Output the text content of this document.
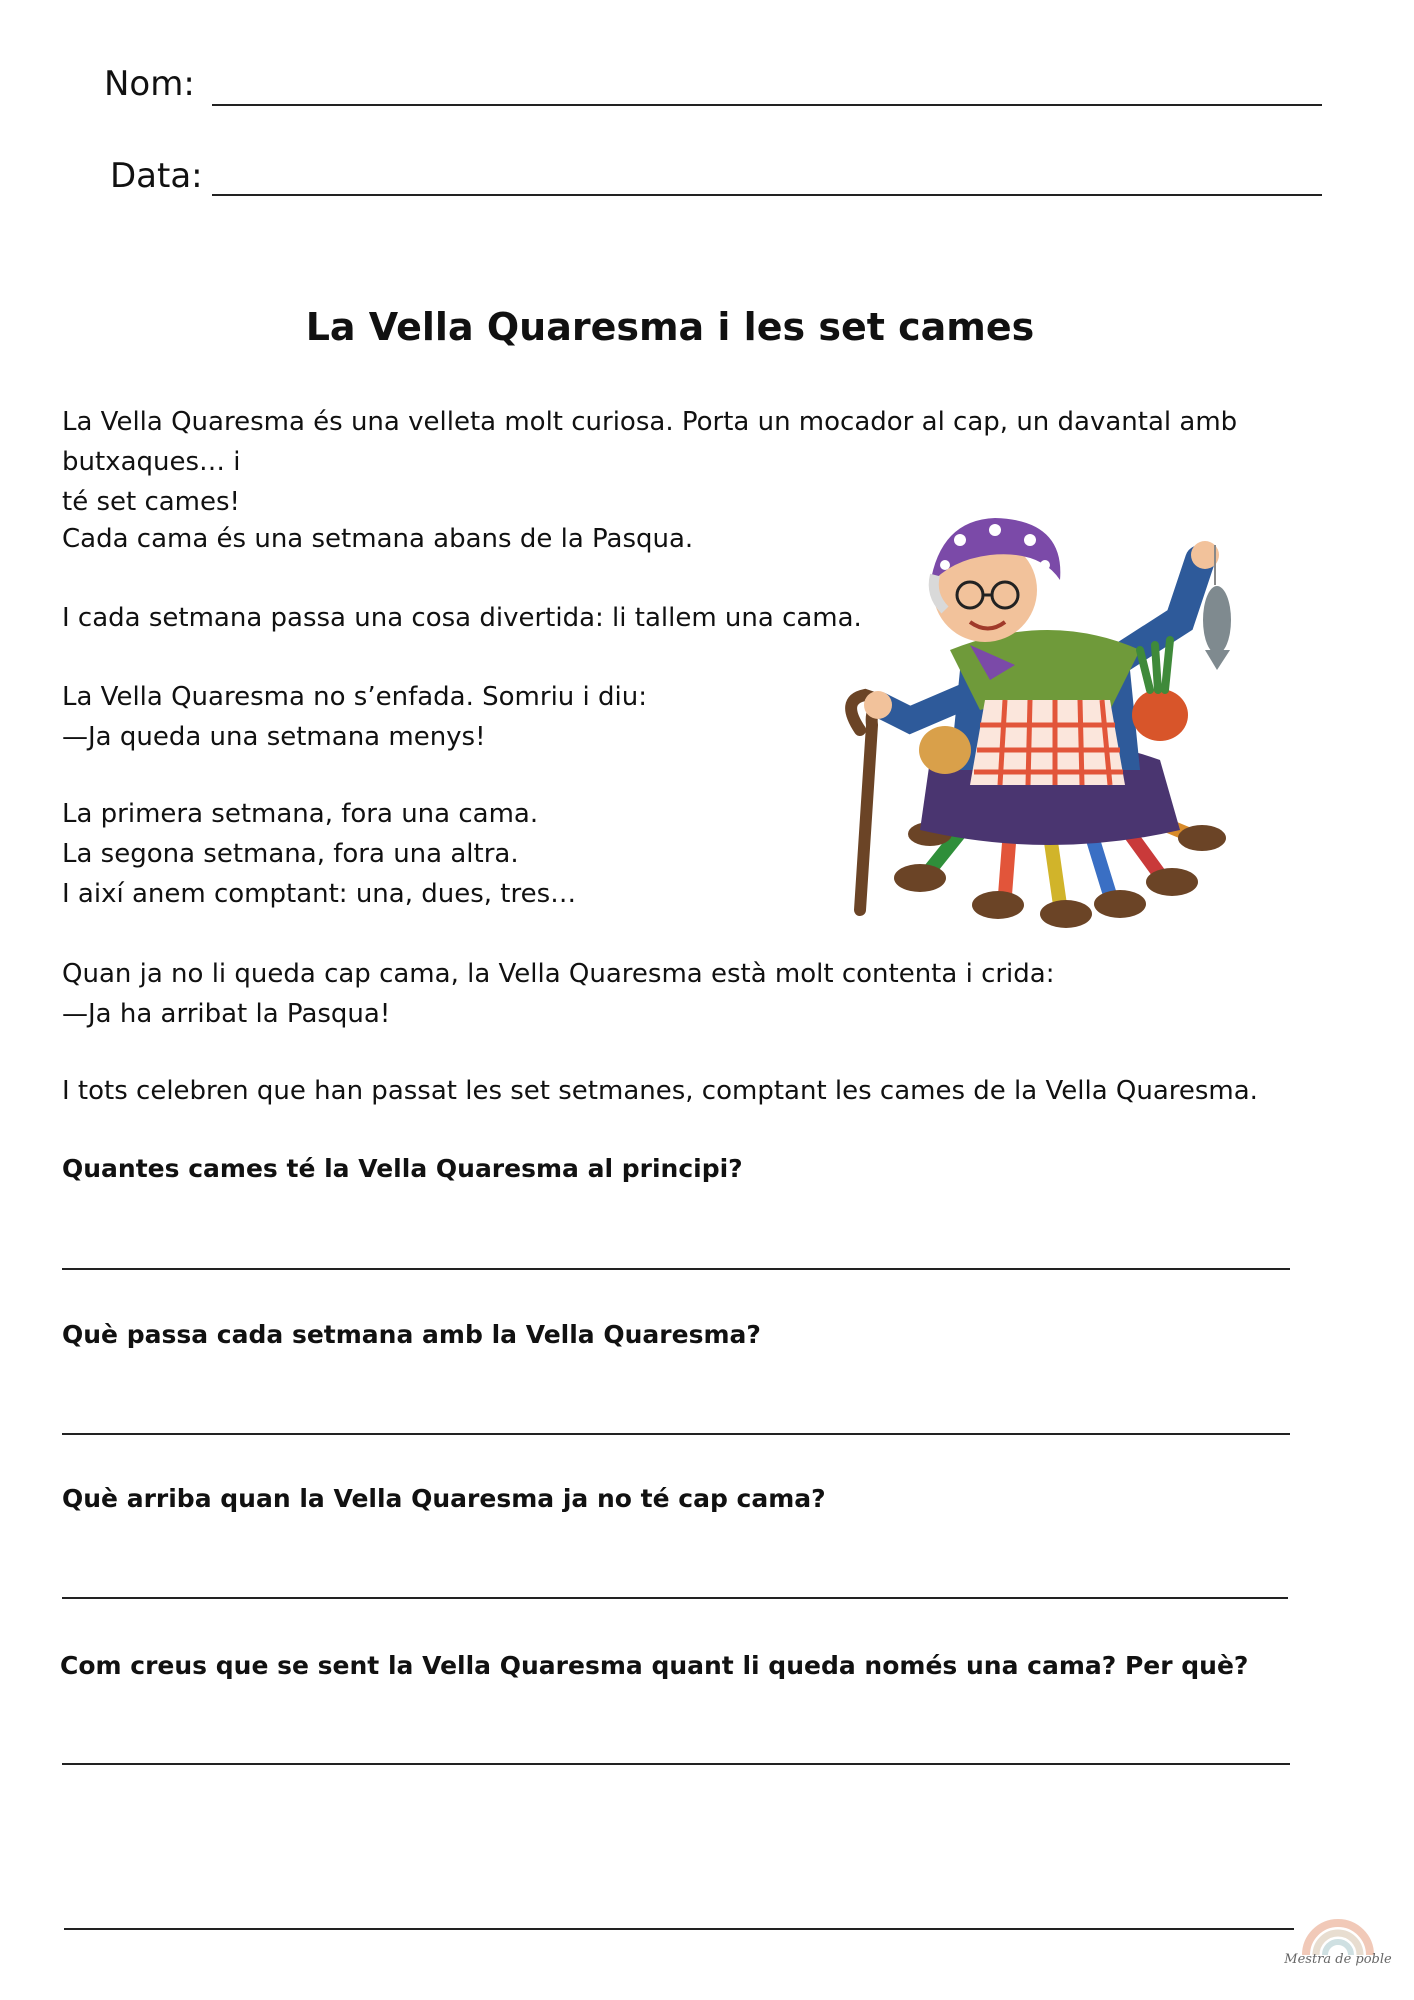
Nom:
Data:
La Vella Quaresma i les set cames
La Vella Quaresma és una velleta molt curiosa. Porta un mocador al cap, un davantal amb butxaques… i
té set cames!
Cada cama és una setmana abans de la Pasqua.
I cada setmana passa una cosa divertida: li tallem una cama.
La Vella Quaresma no s’enfada. Somriu i diu:
—Ja queda una setmana menys!
La primera setmana, fora una cama.
La segona setmana, fora una altra.
I així anem comptant: una, dues, tres…
Quan ja no li queda cap cama, la Vella Quaresma està molt contenta i crida:
—Ja ha arribat la Pasqua!
I tots celebren que han passat les set setmanes, comptant les cames de la Vella Quaresma.
Quantes cames té la Vella Quaresma al principi?
Què passa cada setmana amb la Vella Quaresma?
Què arriba quan la Vella Quaresma ja no té cap cama?
Com creus que se sent la Vella Quaresma quant li queda només una cama? Per què?
Mestra de poble
